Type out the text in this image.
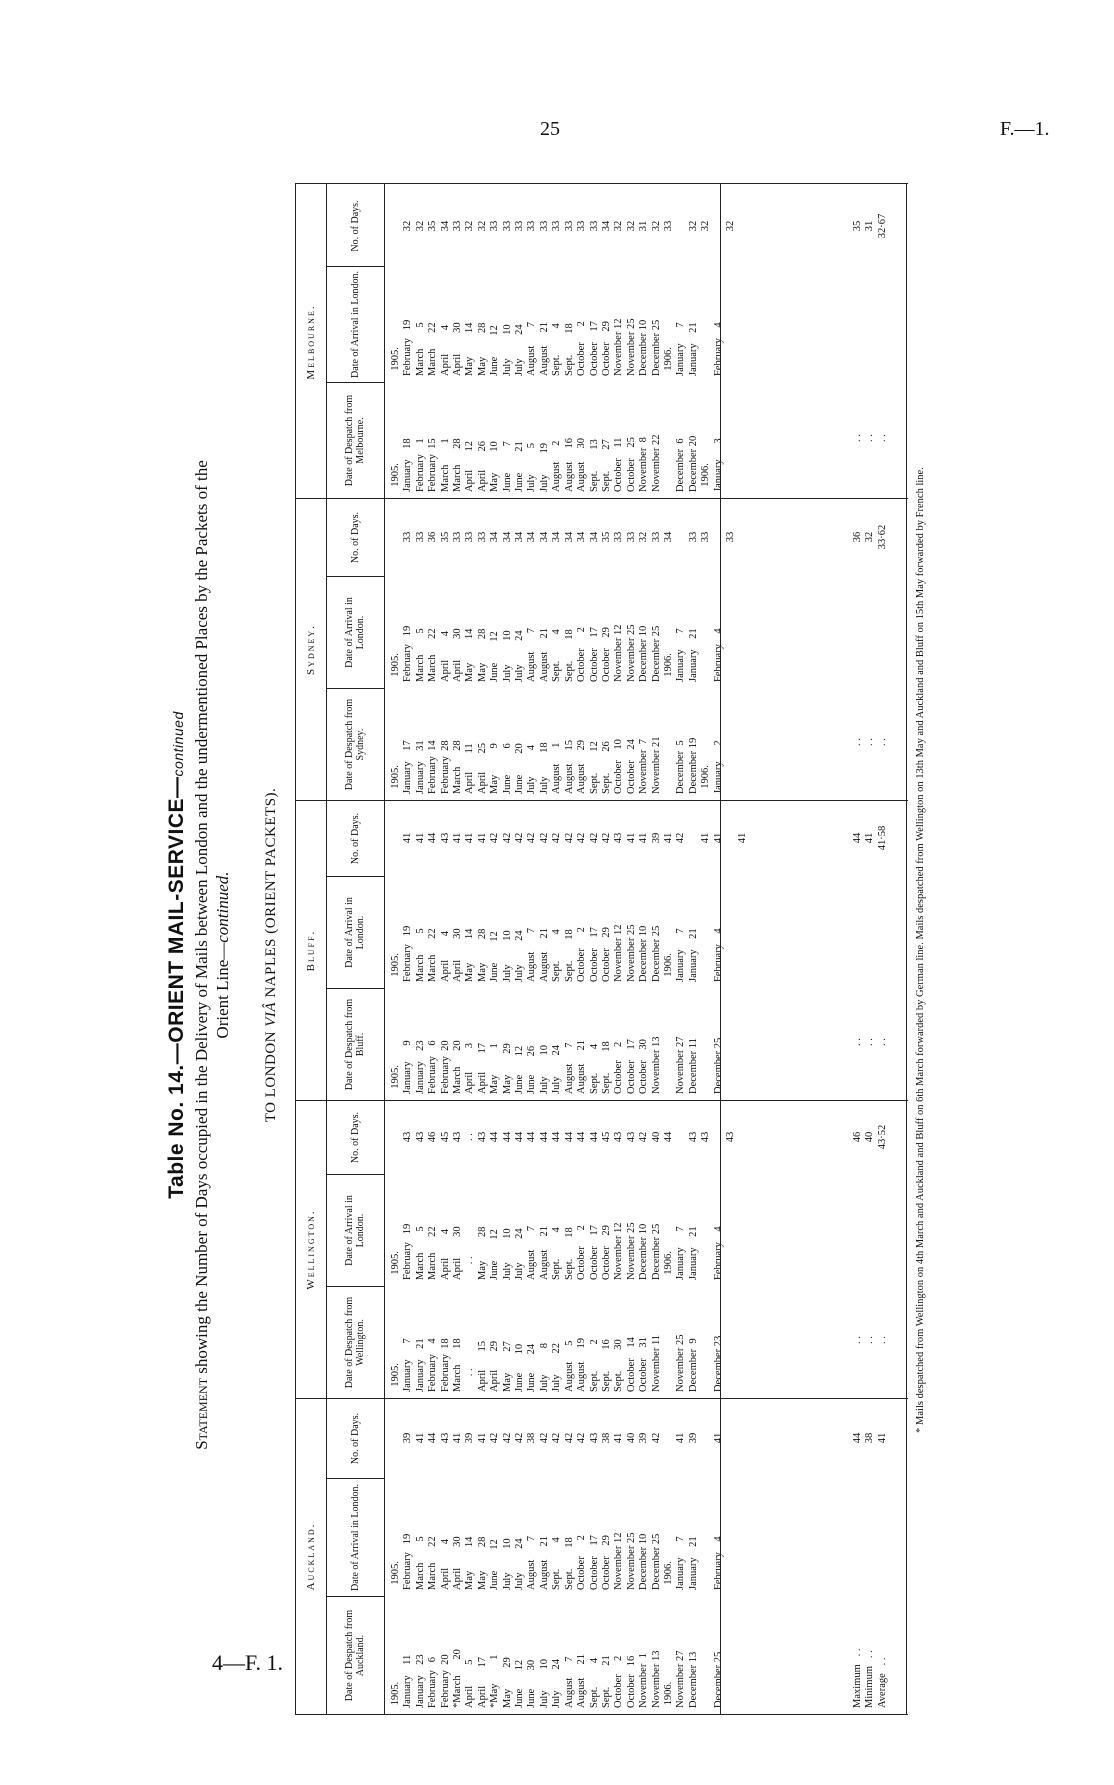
25	F.—1.
Table No. 14.—ORIENT MAIL-SERVICE—continued
Statement showing the Number of Days occupied in the Delivery of Mails between London and the undermentioned Places by the Packets of the Orient Line—continued.
TO LONDON VIÂ NAPLES (ORIENT PACKETS).
Auckland.
Wellington.
Bluff.
Sydney.
Melbourne.
Date of Despatch from Auckland.
Date of Arrival in London.
No. of Days.
Date of Despatch from Wellington.
Date of Arrival in London.
No. of Days.
Date of Despatch from Bluff.
Date of Arrival in London.
No. of Days.
Date of Despatch from Sydney.
Date of Arrival in London.
No. of Days.
Date of Despatch from Melbourne.
Date of Arrival in London.
No. of Days.
1905.
January    11
January    23
February   6
February  20
*March      20
April        5
April       17
*May         1
May        29
June       12
June       30
July        10
July        24
August      7
August     21
Sept.         4
Sept.        21
October     2
October   16
November  1
November 13
1906.
November 27
December 13

December 25
1905.
February   19
March        5
March      22
April         4
April        30
May         14
May         28
June        12
July         10
July         24
August       7
August     21
Sept.          4
Sept.        18
October      2
October    17
October    29
November 12
November 25
December 10
December 25
1906.
January      7
January    21

February    4

39
41
44
43
41
39
41
42
42
42
38
42
42
42
42
43
38
41
40
39
42

41
39

41
1905.
January      7
January    21
February    4
February  18
March      18
. .
April       15
April       29
May        27
June       10
June       24
July          8
July        22
August      5
August     19
Sept.          2
Sept.        16
Sept.        30
October    14
October    31
November 11

November 25
December  9

December 23
1905.
February   19
March        5
March      22
April         4
April        30
. .
May         28
June        12
July         10
July         24
August       7
August     21
Sept.          4
Sept.        18
October      2
October    17
October    29
November 12
November 25
December 10
December 25
1906.
January      7
January    21

February    4

43
43
46
45
43
. .
43
44
44
44
44
44
44
44
44
44
45
43
43
42
40
44

43
43

43
1905.
January      9
January    23
February    6
February  20
March      20
April         3
April       17
May          1
May        29
June       12
June       26
July        10
July        24
August      7
August     21
Sept.         4
Sept.        18
October     2
October    17
October    30
November 13

November 27
December 11

December 25
1905.
February   19
March        5
March      22
April         4
April        30
May         14
May         28
June        12
July         10
July         24
August       7
August     21
Sept.          4
Sept.        18
October      2
October    17
October    29
November 12
November 25
December 10
December 25
1906.
January      7
January    21

February    4

41
41
44
43
41
41
41
42
42
42
42
42
42
42
42
42
42
43
41
41
39
41
42

41
41

41
1905.
January    17
January    31
February  14
February  28
March      28
April       11
April       25
May          9
June          6
June        20
July          4
July         18
August      1
August     15
August     29
Sept.        12
Sept.        26
October    10
October    24
November  7
November 21

December  5
December 19
1906.
January      2
1905.
February   19
March        5
March      22
April         4
April        30
May         14
May         28
June        12
July         10
July         24
August       7
August     21
Sept.          4
Sept.        18
October      2
October    17
October    29
November 12
November 25
December 10
December 25
1906.
January      7
January    21

February    4

33
33
36
35
33
33
33
34
34
34
34
34
34
34
34
34
35
33
33
32
33
34

33
33

33
1905.
January    18
February    1
February  15
March        1
March      28
April       12
April       26
May        10
June          7
June        21
July          5
July        19
August      2
August     16
August     30
Sept.        13
Sept.        27
October    11
October    25
November  8
November 22

December  6
December 20
1906.
January      3
1905.
February   19
March        5
March      22
April         4
April        30
May         14
May         28
June        12
July         10
July         24
August       7
August     21
Sept.          4
Sept.        18
October      2
October    17
October    29
November 12
November 25
December 10
December 25
1906.
January      7
January    21

February    4

32
32
35
34
33
32
32
33
33
33
33
33
33
33
33
33
34
32
32
31
32
33

32
32

32
Maximum   . .
Minimum   . .
Average   . .
44
38
41
. .
. .
. .
46
40
43·52
. .
. .
. .
44
41
41·58
. .
. .
. .
36
32
33·62
. .
. .
. .
35
31
32·67
* Mails despatched from Wellington on 4th March and Auckland and Bluff on 6th March forwarded by German line. Mails despatched from Wellington on 13th May and Auckland and Bluff on 15th May forwarded by French line.
4—F. 1.
